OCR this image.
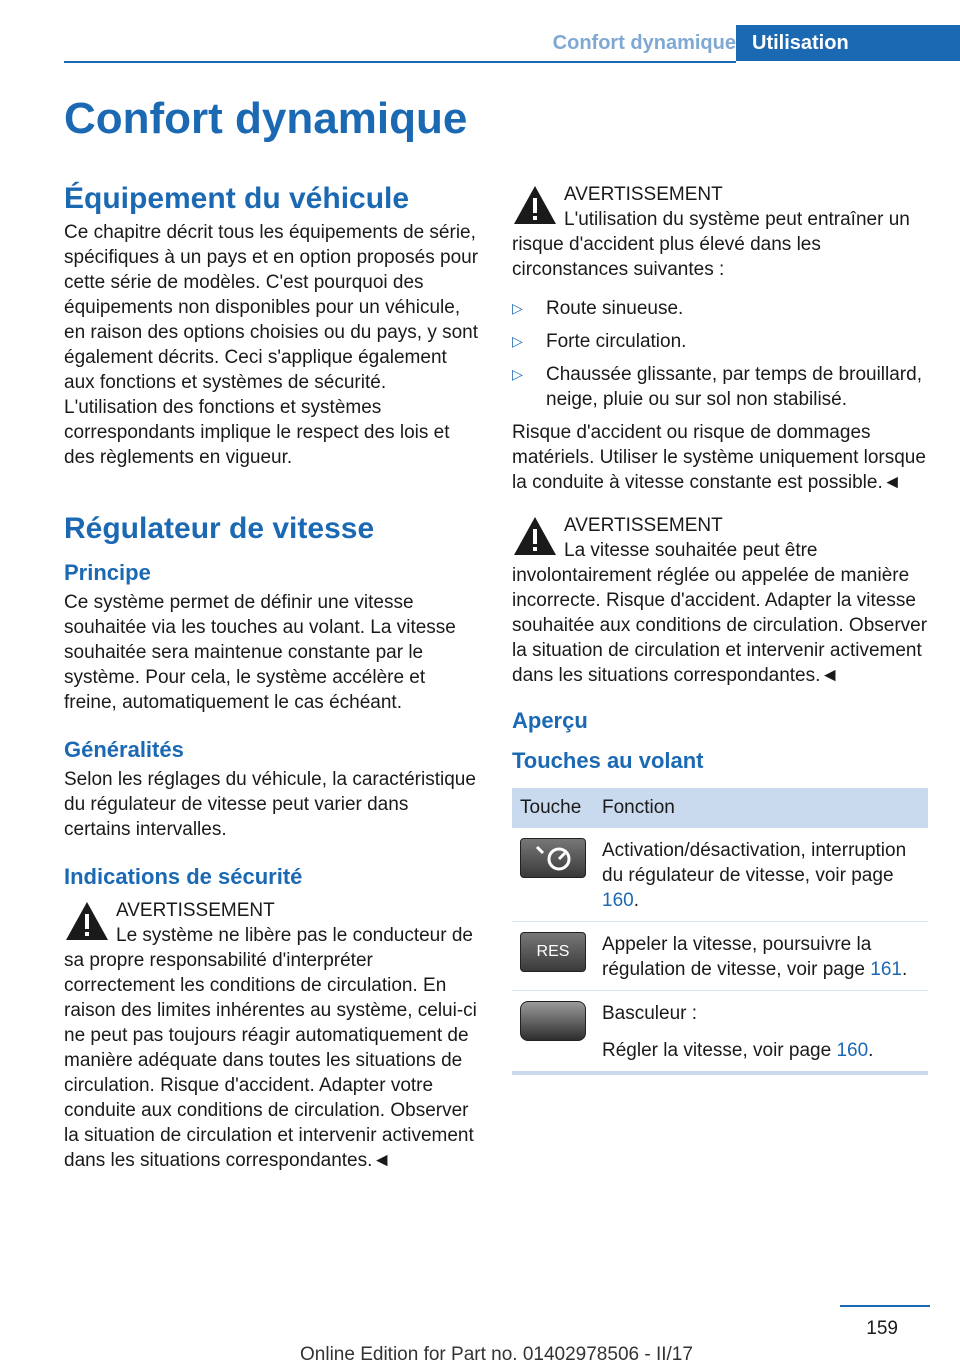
Confort dynamique Utilisation
Confort dynamique
Équipement du véhicule

Ce chapitre décrit tous les équipements de série, spécifiques à un pays et en option proposés pour cette série de modèles. C'est pourquoi des équipements non disponibles pour un véhicule, en raison des options choisies ou du pays, y sont également décrits. Ceci s'applique également aux fonctions et systèmes de sécurité. L'utilisation des fonctions et systèmes correspondants implique le respect des lois et des règlements en vigueur.

Régulateur de vitesse
Principe

Ce système permet de définir une vitesse souhaitée via les touches au volant. La vitesse souhaitée sera maintenue constante par le système. Pour cela, le système accélère et freine, automatiquement le cas échéant.

Généralités

Selon les réglages du véhicule, la caractéristique du régulateur de vitesse peut varier dans certains intervalles.

Indications de sécurité
AVERTISSEMENT

Le système ne libère pas le conducteur de sa propre responsabilité d'interpréter correctement les conditions de circulation. En raison des limites inhérentes au système, celui-ci ne peut pas toujours réagir automatiquement de manière adéquate dans toutes les situations de circulation. Risque d'accident. Adapter votre conduite aux conditions de circulation. Observer la situation de circulation et intervenir activement dans les situations correspondantes.◄

AVERTISSEMENT

L'utilisation du système peut entraîner un risque d'accident plus élevé dans les circonstances suivantes :

▷ Route sinueuse.
▷ Forte circulation.
▷ Chaussée glissante, par temps de brouillard, neige, pluie ou sur sol non stabilisé.

Risque d'accident ou risque de dommages matériels. Utiliser le système uniquement lorsque la conduite à vitesse constante est possible.◄

AVERTISSEMENT

La vitesse souhaitée peut être involontairement réglée ou appelée de manière incorrecte. Risque d'accident. Adapter la vitesse souhaitée aux conditions de circulation. Observer la situation de circulation et intervenir activement dans les situations correspondantes.◄

Aperçu
Touches au volant
Touche	Fonction

	Activation/désactivation, interruption du régulateur de vitesse, voir page 160.

RES	Appeler la vitesse, poursuivre la régulation de vitesse, voir page 161.

	Basculeur :
Régler la vitesse, voir page 160.
159
Online Edition for Part no. 01402978506 - II/17
